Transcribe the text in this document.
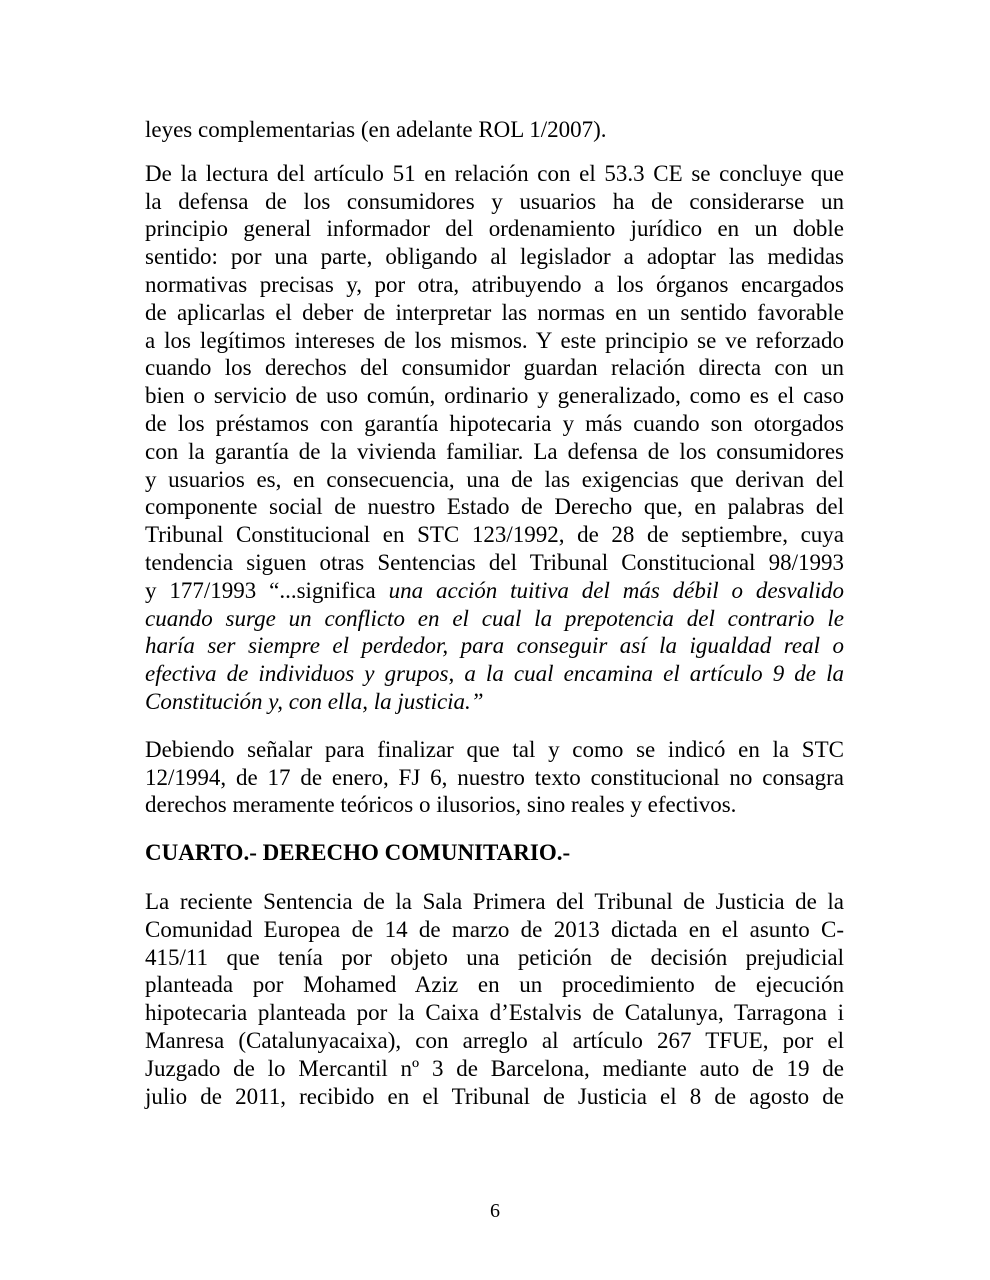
leyes complementarias (en adelante ROL 1/2007).

De la lectura del artículo 51 en relación con el 53.3 CE se concluye que
la defensa de los consumidores y usuarios ha de considerarse un
principio general informador del ordenamiento jurídico en un doble
sentido: por una parte, obligando al legislador a adoptar las medidas
normativas precisas y, por otra, atribuyendo a los órganos encargados
de aplicarlas el deber de interpretar las normas en un sentido favorable
a los legítimos intereses de los mismos. Y este principio se ve reforzado
cuando los derechos del consumidor guardan relación directa con un
bien o servicio de uso común, ordinario y generalizado, como es el caso
de los préstamos con garantía hipotecaria y más cuando son otorgados
con la garantía de la vivienda familiar. La defensa de los consumidores
y usuarios es, en consecuencia, una de las exigencias que derivan del
componente social de nuestro Estado de Derecho que, en palabras del
Tribunal Constitucional en STC 123/1992, de 28 de septiembre, cuya
tendencia siguen otras Sentencias del Tribunal Constitucional 98/1993
y 177/1993 “...significa una acción tuitiva del más débil o desvalido
cuando surge un conflicto en el cual la prepotencia del contrario le
haría ser siempre el perdedor, para conseguir así la igualdad real o
efectiva de individuos y grupos, a la cual encamina el artículo 9 de la
Constitución y, con ella, la justicia.”

Debiendo señalar para finalizar que tal y como se indicó en la STC
12/1994, de 17 de enero, FJ 6, nuestro texto constitucional no consagra
derechos meramente teóricos o ilusorios, sino reales y efectivos.

CUARTO.- DERECHO COMUNITARIO.-

La reciente Sentencia de la Sala Primera del Tribunal de Justicia de la
Comunidad Europea de 14 de marzo de 2013 dictada en el asunto C-
415/11 que tenía por objeto una petición de decisión prejudicial
planteada por Mohamed Aziz en un procedimiento de ejecución
hipotecaria planteada por la Caixa d’Estalvis de Catalunya, Tarragona i
Manresa (Catalunyacaixa), con arreglo al artículo 267 TFUE, por el
Juzgado de lo Mercantil nº 3 de Barcelona, mediante auto de 19 de
julio de 2011, recibido en el Tribunal de Justicia el 8 de agosto de

6
